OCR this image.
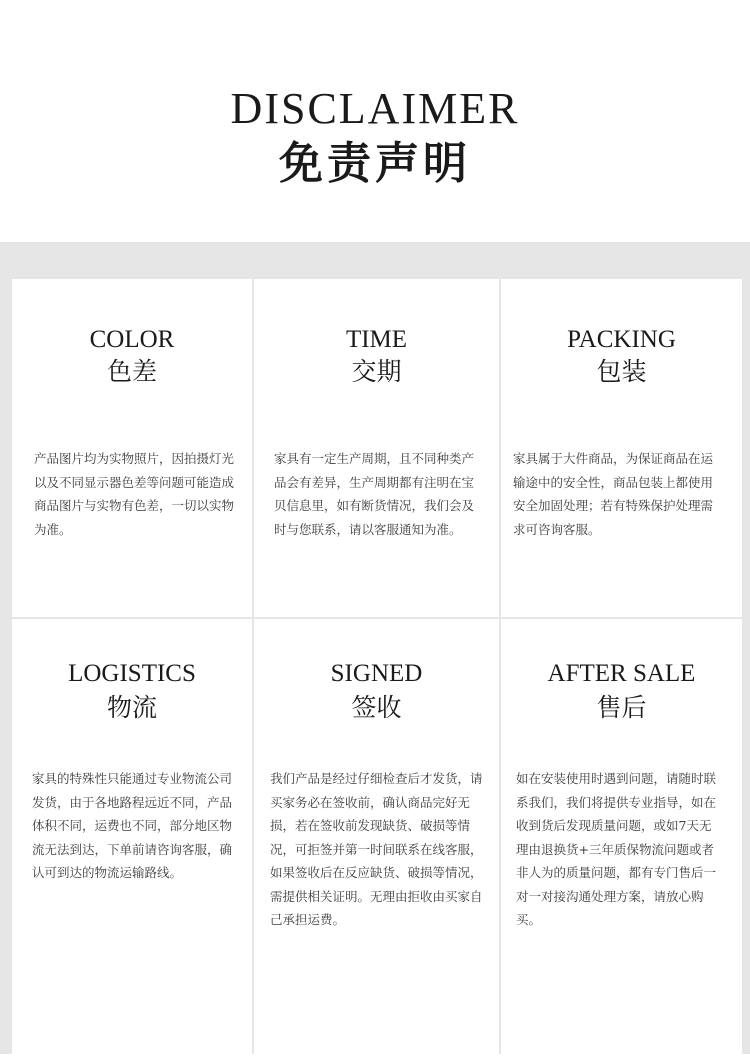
DISCLAIMER
免责声明
COLOR
色差
产品图片均为实物照片，因拍摄灯光以及不同显示器色差等问题可能造成商品图片与实物有色差，一切以实物为准。
TIME
交期
家具有一定生产周期，且不同种类产品会有差异，生产周期都有注明在宝贝信息里，如有断货情况，我们会及时与您联系，请以客服通知为准。
PACKING
包装
家具属于大件商品，为保证商品在运输途中的安全性，商品包装上都使用安全加固处理；若有特殊保护处理需求可咨询客服。
LOGISTICS
物流
家具的特殊性只能通过专业物流公司发货，由于各地路程远近不同，产品体积不同，运费也不同，部分地区物流无法到达，下单前请咨询客服，确认可到达的物流运输路线。
SIGNED
签收
我们产品是经过仔细检查后才发货，请买家务必在签收前，确认商品完好无损，若在签收前发现缺货、破损等情况，可拒签并第一时间联系在线客服，如果签收后在反应缺货、破损等情况，需提供相关证明。无理由拒收由买家自己承担运费。
AFTER SALE
售后
如在安装使用时遇到问题，请随时联系我们，我们将提供专业指导，如在收到货后发现质量问题，或如7天无理由退换货+三年质保物流问题或者非人为的质量问题，都有专门售后一对一对接沟通处理方案，请放心购买。
